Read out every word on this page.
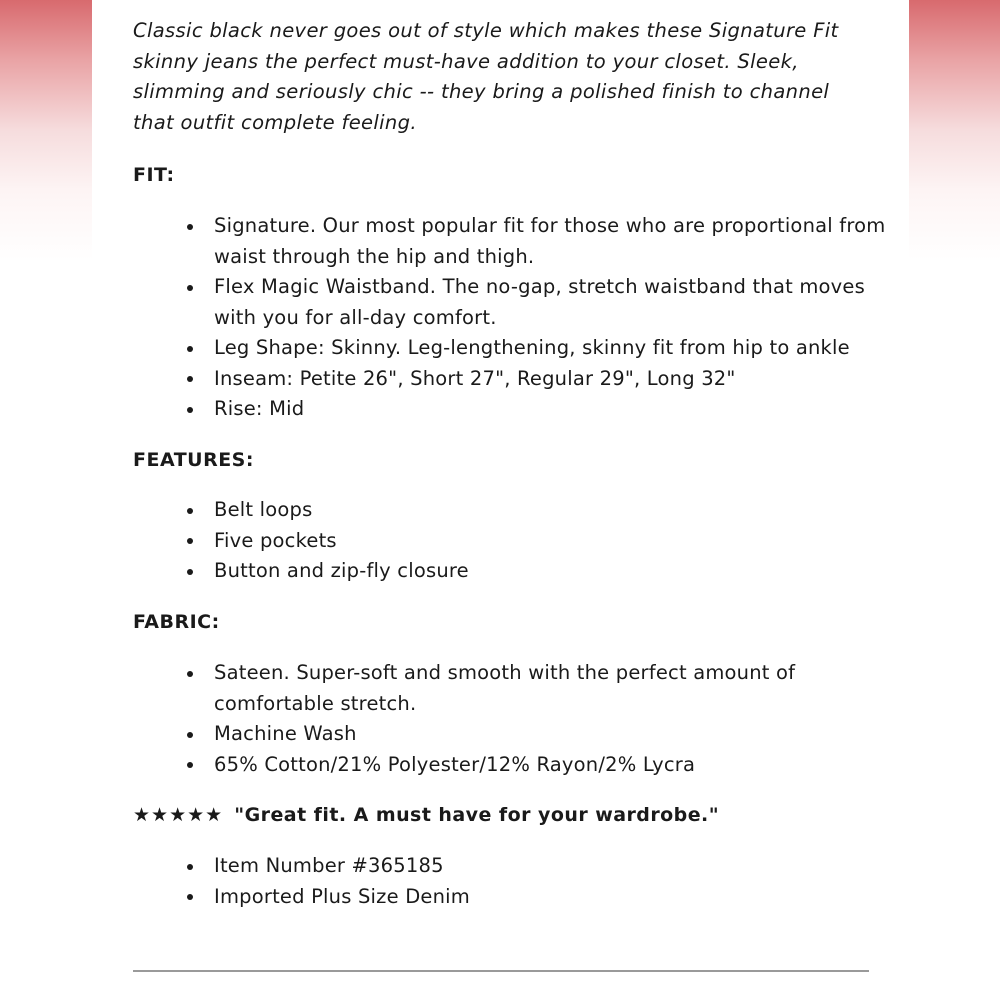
Classic black never goes out of style which makes these Signature Fit skinny jeans the perfect must-have addition to your closet. Sleek, slimming and seriously chic -- they bring a polished finish to channel that outfit complete feeling.

FIT:
Signature. Our most popular fit for those who are proportional from waist through the hip and thigh.
Flex Magic Waistband. The no-gap, stretch waistband that moves with you for all-day comfort.
Leg Shape: Skinny. Leg-lengthening, skinny fit from hip to ankle
Inseam: Petite 26", Short 27", Regular 29", Long 32"
Rise: Mid
FEATURES:
Belt loops
Five pockets
Button and zip-fly closure
FABRIC:
Sateen. Super-soft and smooth with the perfect amount of comfortable stretch.
Machine Wash
65% Cotton/21% Polyester/12% Rayon/2% Lycra
★★★★★ "Great fit. A must have for your wardrobe."
Item Number #365185
Imported Plus Size Denim
